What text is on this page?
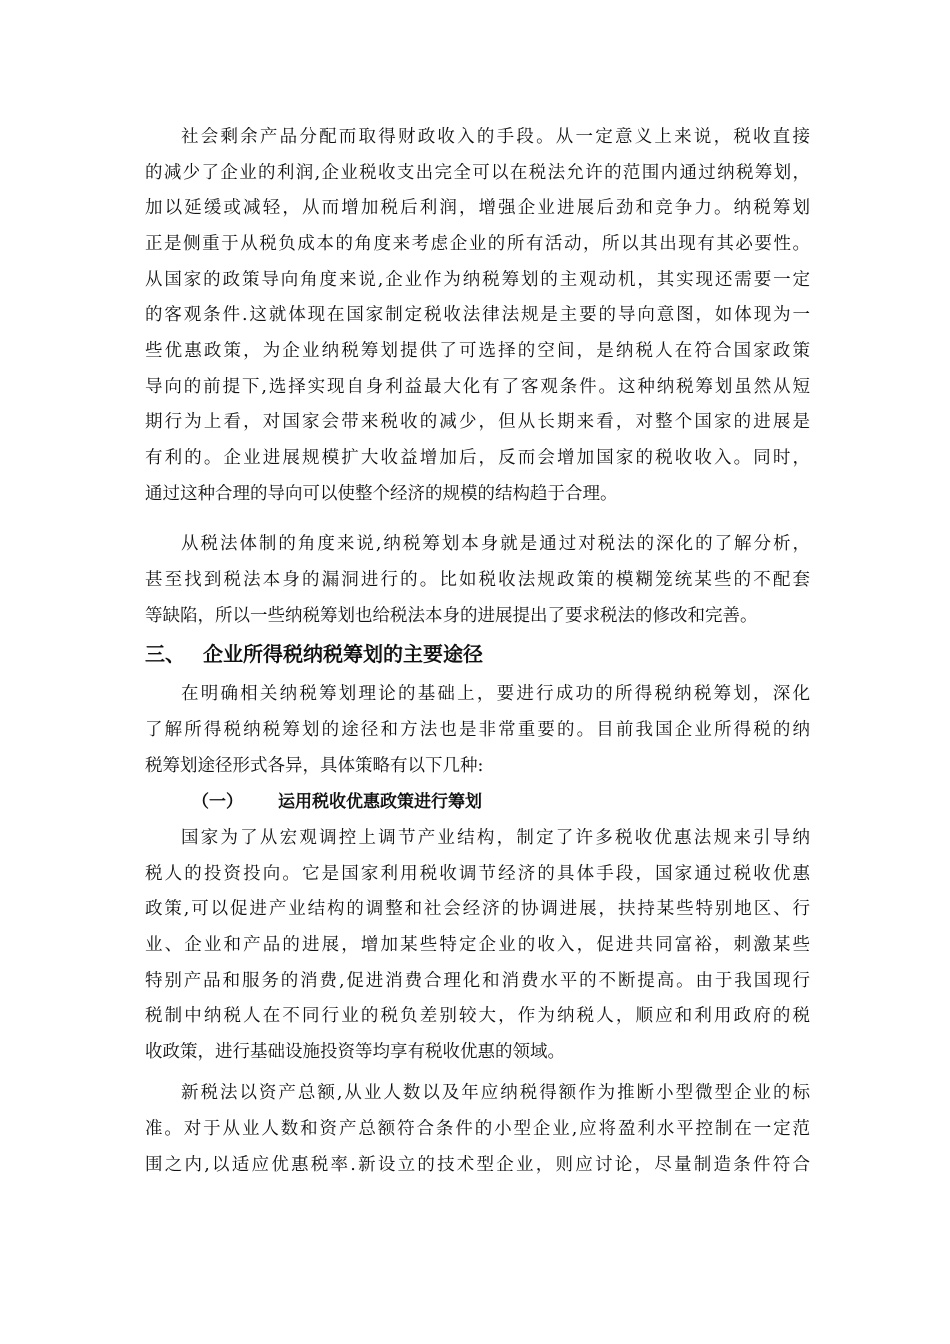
社会剩余产品分配而取得财政收入的手段。从一定意义上来说，税收直接
的减少了企业的利润,企业税收支出完全可以在税法允许的范围内通过纳税筹划，
加以延缓或减轻，从而增加税后利润，增强企业进展后劲和竞争力。纳税筹划
正是侧重于从税负成本的角度来考虑企业的所有活动，所以其出现有其必要性。
从国家的政策导向角度来说,企业作为纳税筹划的主观动机，其实现还需要一定
的客观条件.这就体现在国家制定税收法律法规是主要的导向意图，如体现为一
些优惠政策，为企业纳税筹划提供了可选择的空间，是纳税人在符合国家政策
导向的前提下,选择实现自身利益最大化有了客观条件。这种纳税筹划虽然从短
期行为上看，对国家会带来税收的减少，但从长期来看，对整个国家的进展是
有利的。企业进展规模扩大收益增加后，反而会增加国家的税收收入。同时，
通过这种合理的导向可以使整个经济的规模的结构趋于合理。
从税法体制的角度来说,纳税筹划本身就是通过对税法的深化的了解分析，
甚至找到税法本身的漏洞进行的。比如税收法规政策的模糊笼统某些的不配套
等缺陷，所以一些纳税筹划也给税法本身的进展提出了要求税法的修改和完善。
三、 企业所得税纳税筹划的主要途径
在明确相关纳税筹划理论的基础上，要进行成功的所得税纳税筹划，深化
了解所得税纳税筹划的途径和方法也是非常重要的。目前我国企业所得税的纳
税筹划途径形式各异，具体策略有以下几种:
（一） 运用税收优惠政策进行筹划
国家为了从宏观调控上调节产业结构，制定了许多税收优惠法规来引导纳
税人的投资投向。它是国家利用税收调节经济的具体手段，国家通过税收优惠
政策,可以促进产业结构的调整和社会经济的协调进展，扶持某些特别地区、行
业、企业和产品的进展，增加某些特定企业的收入，促进共同富裕，刺激某些
特别产品和服务的消费,促进消费合理化和消费水平的不断提高。由于我国现行
税制中纳税人在不同行业的税负差别较大，作为纳税人，顺应和利用政府的税
收政策，进行基础设施投资等均享有税收优惠的领域。
新税法以资产总额,从业人数以及年应纳税得额作为推断小型微型企业的标
准。对于从业人数和资产总额符合条件的小型企业,应将盈利水平控制在一定范
围之内,以适应优惠税率.新设立的技术型企业，则应讨论，尽量制造条件符合
